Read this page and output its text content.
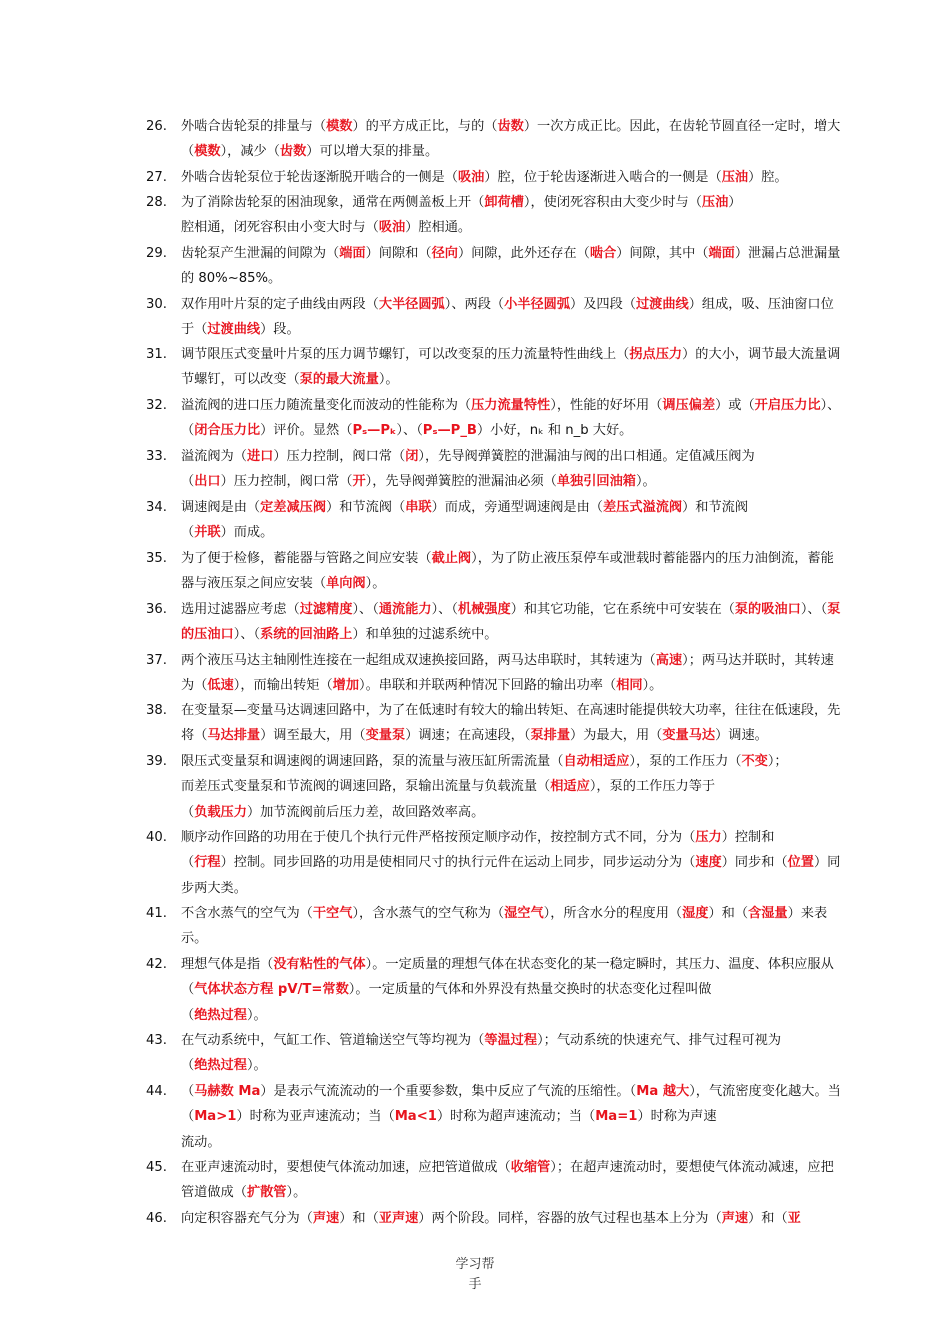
26.	外啮合齿轮泵的排量与（模数）的平方成正比，与的（齿数）一次方成正比。因此，在齿轮节圆直径一定时，增大（模数），减少（齿数）可以增大泵的排量。
27.	外啮合齿轮泵位于轮齿逐渐脱开啮合的一侧是（吸油）腔，位于轮齿逐渐进入啮合的一侧是（压油）腔。
28.	为了消除齿轮泵的困油现象，通常在两侧盖板上开（卸荷槽），使闭死容积由大变少时与（压油）
腔相通，闭死容积由小变大时与（吸油）腔相通。
29.	齿轮泵产生泄漏的间隙为（端面）间隙和（径向）间隙，此外还存在（啮合）间隙，其中（端面）泄漏占总泄漏量的 80%~85%。
30.	双作用叶片泵的定子曲线由两段（大半径圆弧）、两段（小半径圆弧）及四段（过渡曲线）组成，吸、压油窗口位于（过渡曲线）段。
31.	调节限压式变量叶片泵的压力调节螺钉，可以改变泵的压力流量特性曲线上（拐点压力）的大小，调节最大流量调节螺钉，可以改变（泵的最大流量）。
32.	溢流阀的进口压力随流量变化而波动的性能称为（压力流量特性），性能的好坏用（调压偏差）或（开启压力比）、（闭合压力比）评价。显然（Pₛ—Pₖ）、（Pₛ—P_B）小好，nₖ 和 n_b 大好。
33.	溢流阀为（进口）压力控制，阀口常（闭），先导阀弹簧腔的泄漏油与阀的出口相通。定值减压阀为
（出口）压力控制，阀口常（开），先导阀弹簧腔的泄漏油必须（单独引回油箱）。
34.	调速阀是由（定差减压阀）和节流阀（串联）而成，旁通型调速阀是由（差压式溢流阀）和节流阀
（并联）而成。
35.	为了便于检修，蓄能器与管路之间应安装（截止阀），为了防止液压泵停车或泄载时蓄能器内的压力油倒流，蓄能器与液压泵之间应安装（单向阀）。
36.	选用过滤器应考虑（过滤精度）、（通流能力）、（机械强度）和其它功能，它在系统中可安装在（泵的吸油口）、（泵的压油口）、（系统的回油路上）和单独的过滤系统中。
37.	两个液压马达主轴刚性连接在一起组成双速换接回路，两马达串联时，其转速为（高速）；两马达并联时，其转速为（低速），而输出转矩（增加）。串联和并联两种情况下回路的输出功率（相同）。
38.	在变量泵—变量马达调速回路中，为了在低速时有较大的输出转矩、在高速时能提供较大功率，往往在低速段，先将（马达排量）调至最大，用（变量泵）调速；在高速段，（泵排量）为最大，用（变量马达）调速。
39.	限压式变量泵和调速阀的调速回路，泵的流量与液压缸所需流量（自动相适应），泵的工作压力（不变）；
而差压式变量泵和节流阀的调速回路，泵输出流量与负载流量（相适应），泵的工作压力等于
（负载压力）加节流阀前后压力差，故回路效率高。
40.	顺序动作回路的功用在于使几个执行元件严格按预定顺序动作，按控制方式不同，分为（压力）控制和
（行程）控制。同步回路的功用是使相同尺寸的执行元件在运动上同步，同步运动分为（速度）同步和（位置）同步两大类。
41.	不含水蒸气的空气为（干空气），含水蒸气的空气称为（湿空气），所含水分的程度用（湿度）和（含湿量）来表示。
42.	理想气体是指（没有粘性的气体）。一定质量的理想气体在状态变化的某一稳定瞬时，其压力、温度、体积应服从（气体状态方程 pV/T=常数）。一定质量的气体和外界没有热量交换时的状态变化过程叫做
（绝热过程）。
43.	在气动系统中，气缸工作、管道输送空气等均视为（等温过程）；气动系统的快速充气、排气过程可视为
（绝热过程）。
44.	（马赫数 Ma）是表示气流流动的一个重要参数，集中反应了气流的压缩性。（Ma 越大），气流密度变化越大。当（Ma>1）时称为亚声速流动；当（Ma<1）时称为超声速流动；当（Ma=1）时称为声速
流动。
45.	在亚声速流动时，要想使气体流动加速，应把管道做成（收缩管）；在超声速流动时，要想使气体流动减速，应把管道做成（扩散管）。
46.	向定积容器充气分为（声速）和（亚声速）两个阶段。同样，容器的放气过程也基本上分为（声速）和（亚
学习帮
手
